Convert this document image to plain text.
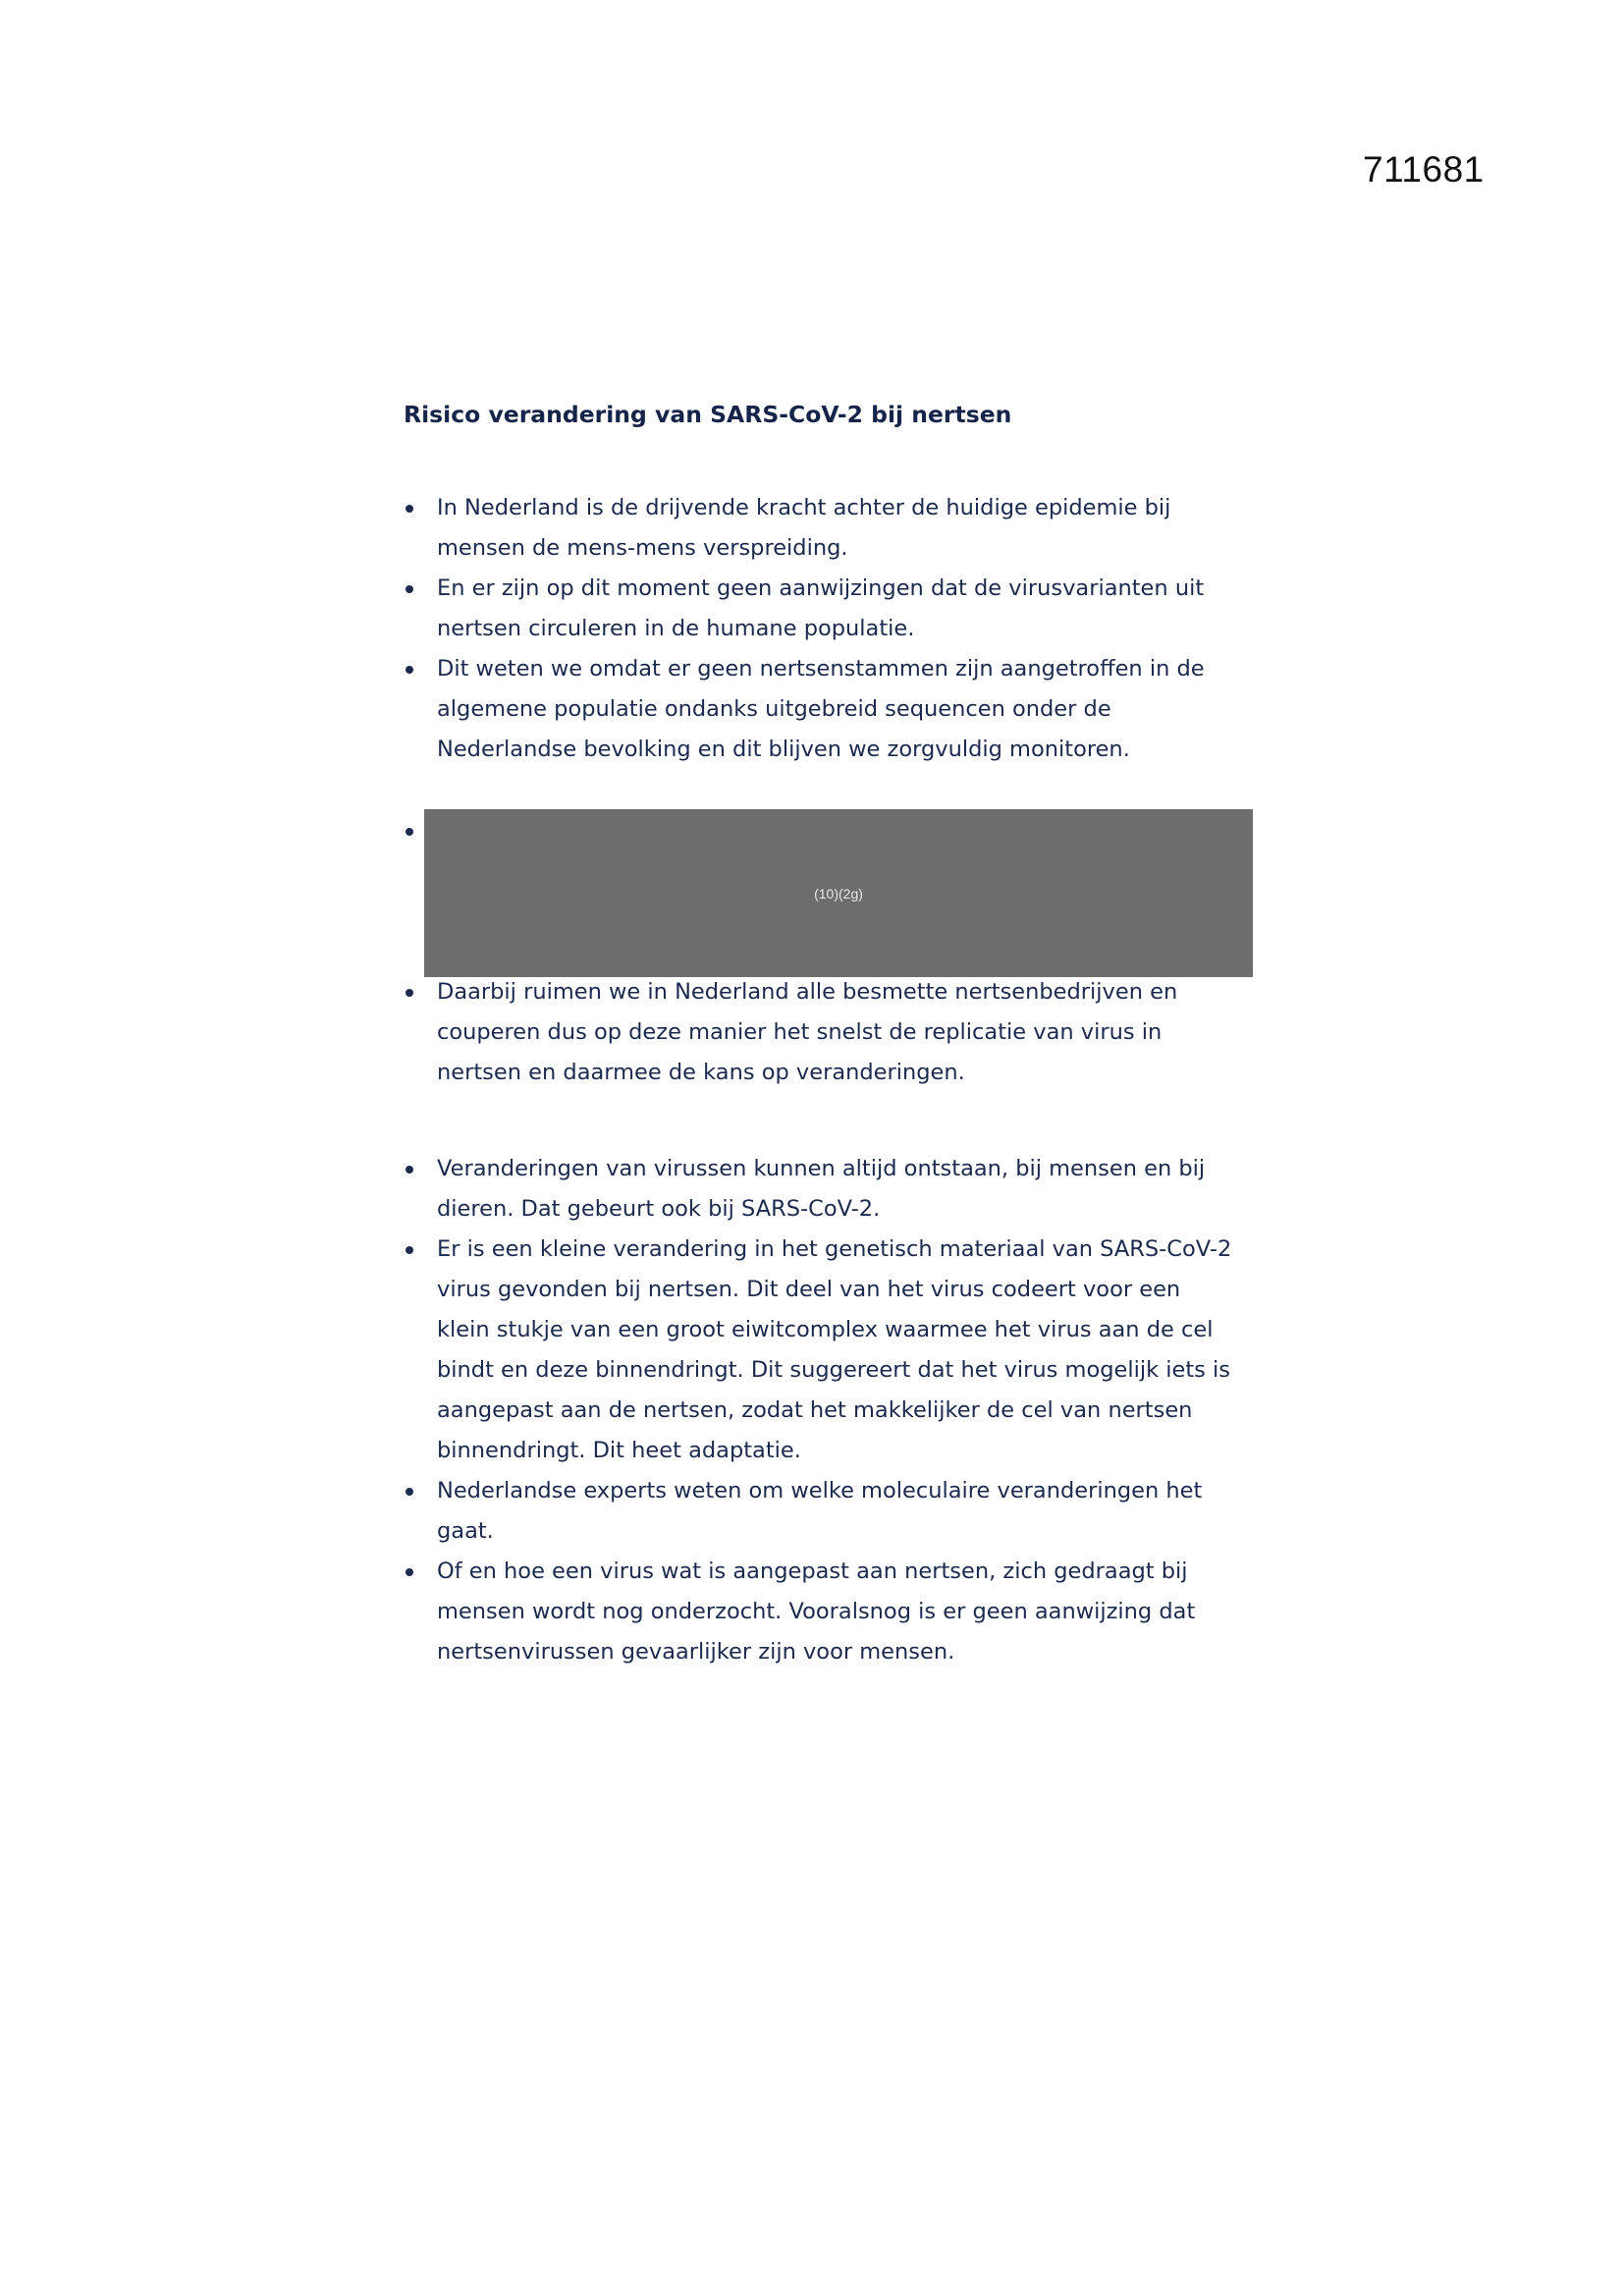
711681
Risico verandering van SARS-CoV-2 bij nertsen
In Nederland is de drijvende kracht achter de huidige epidemie bij mensen de mens-mens verspreiding.
En er zijn op dit moment geen aanwijzingen dat de virusvarianten uit nertsen circuleren in de humane populatie.
Dit weten we omdat er geen nertsenstammen zijn aangetroffen in de algemene populatie ondanks uitgebreid sequencen onder de Nederlandse bevolking en dit blijven we zorgvuldig monitoren.
(10)(2g)
Daarbij ruimen we in Nederland alle besmette nertsenbedrijven en couperen dus op deze manier het snelst de replicatie van virus in nertsen en daarmee de kans op veranderingen.
Veranderingen van virussen kunnen altijd ontstaan, bij mensen en bij dieren. Dat gebeurt ook bij SARS-CoV-2.
Er is een kleine verandering in het genetisch materiaal van SARS-CoV-2 virus gevonden bij nertsen. Dit deel van het virus codeert voor een klein stukje van een groot eiwitcomplex waarmee het virus aan de cel bindt en deze binnendringt. Dit suggereert dat het virus mogelijk iets is aangepast aan de nertsen, zodat het makkelijker de cel van nertsen binnendringt. Dit heet adaptatie.
Nederlandse experts weten om welke moleculaire veranderingen het gaat.
Of en hoe een virus wat is aangepast aan nertsen, zich gedraagt bij mensen wordt nog onderzocht. Vooralsnog is er geen aanwijzing dat nertsenvirussen gevaarlijker zijn voor mensen.
